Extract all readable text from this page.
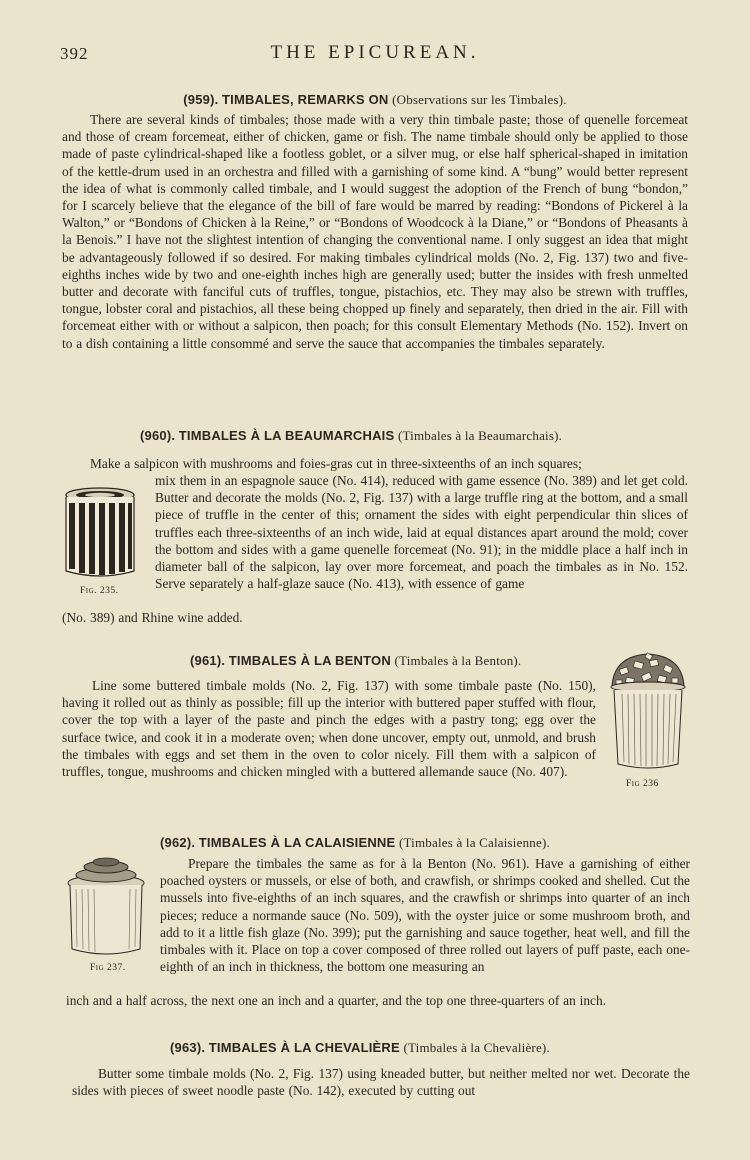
392	THE EPICUREAN.
(959). TIMBALES, REMARKS ON (Observations sur les Timbales).

There are several kinds of timbales; those made with a very thin timbale paste; those of quenelle forcemeat and those of cream forcemeat, either of chicken, game or fish. The name timbale should only be applied to those made of paste cylindrical-shaped like a footless goblet, or a silver mug, or else half spherical-shaped in imitation of the kettle-drum used in an orchestra and filled with a garnishing of some kind. A “bung” would better represent the idea of what is commonly called timbale, and I would suggest the adoption of the French of bung “bondon,” for I scarcely believe that the elegance of the bill of fare would be marred by reading: “Bondons of Pickerel à la Walton,” or “Bondons of Chicken à la Reine,” or “Bondons of Woodcock à la Diane,” or “Bondons of Pheasants à la Benois.” I have not the slightest intention of changing the conventional name. I only suggest an idea that might be advantageously followed if so desired. For making timbales cylindrical molds (No. 2, Fig. 137) two and five-eighths inches wide by two and one-eighth inches high are generally used; butter the insides with fresh unmelted butter and decorate with fanciful cuts of truffles, tongue, pistachios, etc. They may also be strewn with truffles, tongue, lobster coral and pistachios, all these being chopped up finely and separately, then dried in the air. Fill with forcemeat either with or without a salpicon, then poach; for this consult Elementary Methods (No. 152). Invert on to a dish containing a little consommé and serve the sauce that accompanies the timbales separately.

(960). TIMBALES À LA BEAUMARCHAIS (Timbales à la Beaumarchais).

Make a salpicon with mushrooms and foies-gras cut in three-sixteenths of an inch squares;

Fig. 235.

mix them in an espagnole sauce (No. 414), reduced with game essence (No. 389) and let get cold. Butter and decorate the molds (No. 2, Fig. 137) with a large truffle ring at the bottom, and a small piece of truffle in the center of this; ornament the sides with eight perpendicular thin slices of truffles each three-sixteenths of an inch wide, laid at equal distances apart around the mold; cover the bottom and sides with a game quenelle forcemeat (No. 91); in the middle place a half inch in diameter ball of the salpicon, lay over more forcemeat, and poach the timbales as in No. 152. Serve separately a half-glaze sauce (No. 413), with essence of game

(No. 389) and Rhine wine added.

(961). TIMBALES À LA BENTON (Timbales à la Benton).

Line some buttered timbale molds (No. 2, Fig. 137) with some timbale paste (No. 150), having it rolled out as thinly as possible; fill up the interior with buttered paper stuffed with flour, cover the top with a layer of the paste and pinch the edges with a pastry tong; egg over the surface twice, and cook it in a moderate oven; when done uncover, empty out, unmold, and brush the timbales with eggs and set them in the oven to color nicely. Fill them with a salpicon of truffles, tongue, mushrooms and chicken mingled with a buttered allemande sauce (No. 407).

Fig 236
(962). TIMBALES À LA CALAISIENNE (Timbales à la Calaisienne).
Fig 237.

Prepare the timbales the same as for à la Benton (No. 961). Have a garnishing of either poached oysters or mussels, or else of both, and crawfish, or shrimps cooked and shelled. Cut the mussels into five-eighths of an inch squares, and the crawfish or shrimps into quarter of an inch pieces; reduce a normande sauce (No. 509), with the oyster juice or some mushroom broth, and add to it a little fish glaze (No. 399); put the garnishing and sauce together, heat well, and fill the timbales with it. Place on top a cover composed of three rolled out layers of puff paste, each one-eighth of an inch in thickness, the bottom one measuring an

inch and a half across, the next one an inch and a quarter, and the top one three-quarters of an inch.

(963). TIMBALES À LA CHEVALIÈRE (Timbales à la Chevalière).

Butter some timbale molds (No. 2, Fig. 137) using kneaded butter, but neither melted nor wet. Decorate the sides with pieces of sweet noodle paste (No. 142), executed by cutting out
